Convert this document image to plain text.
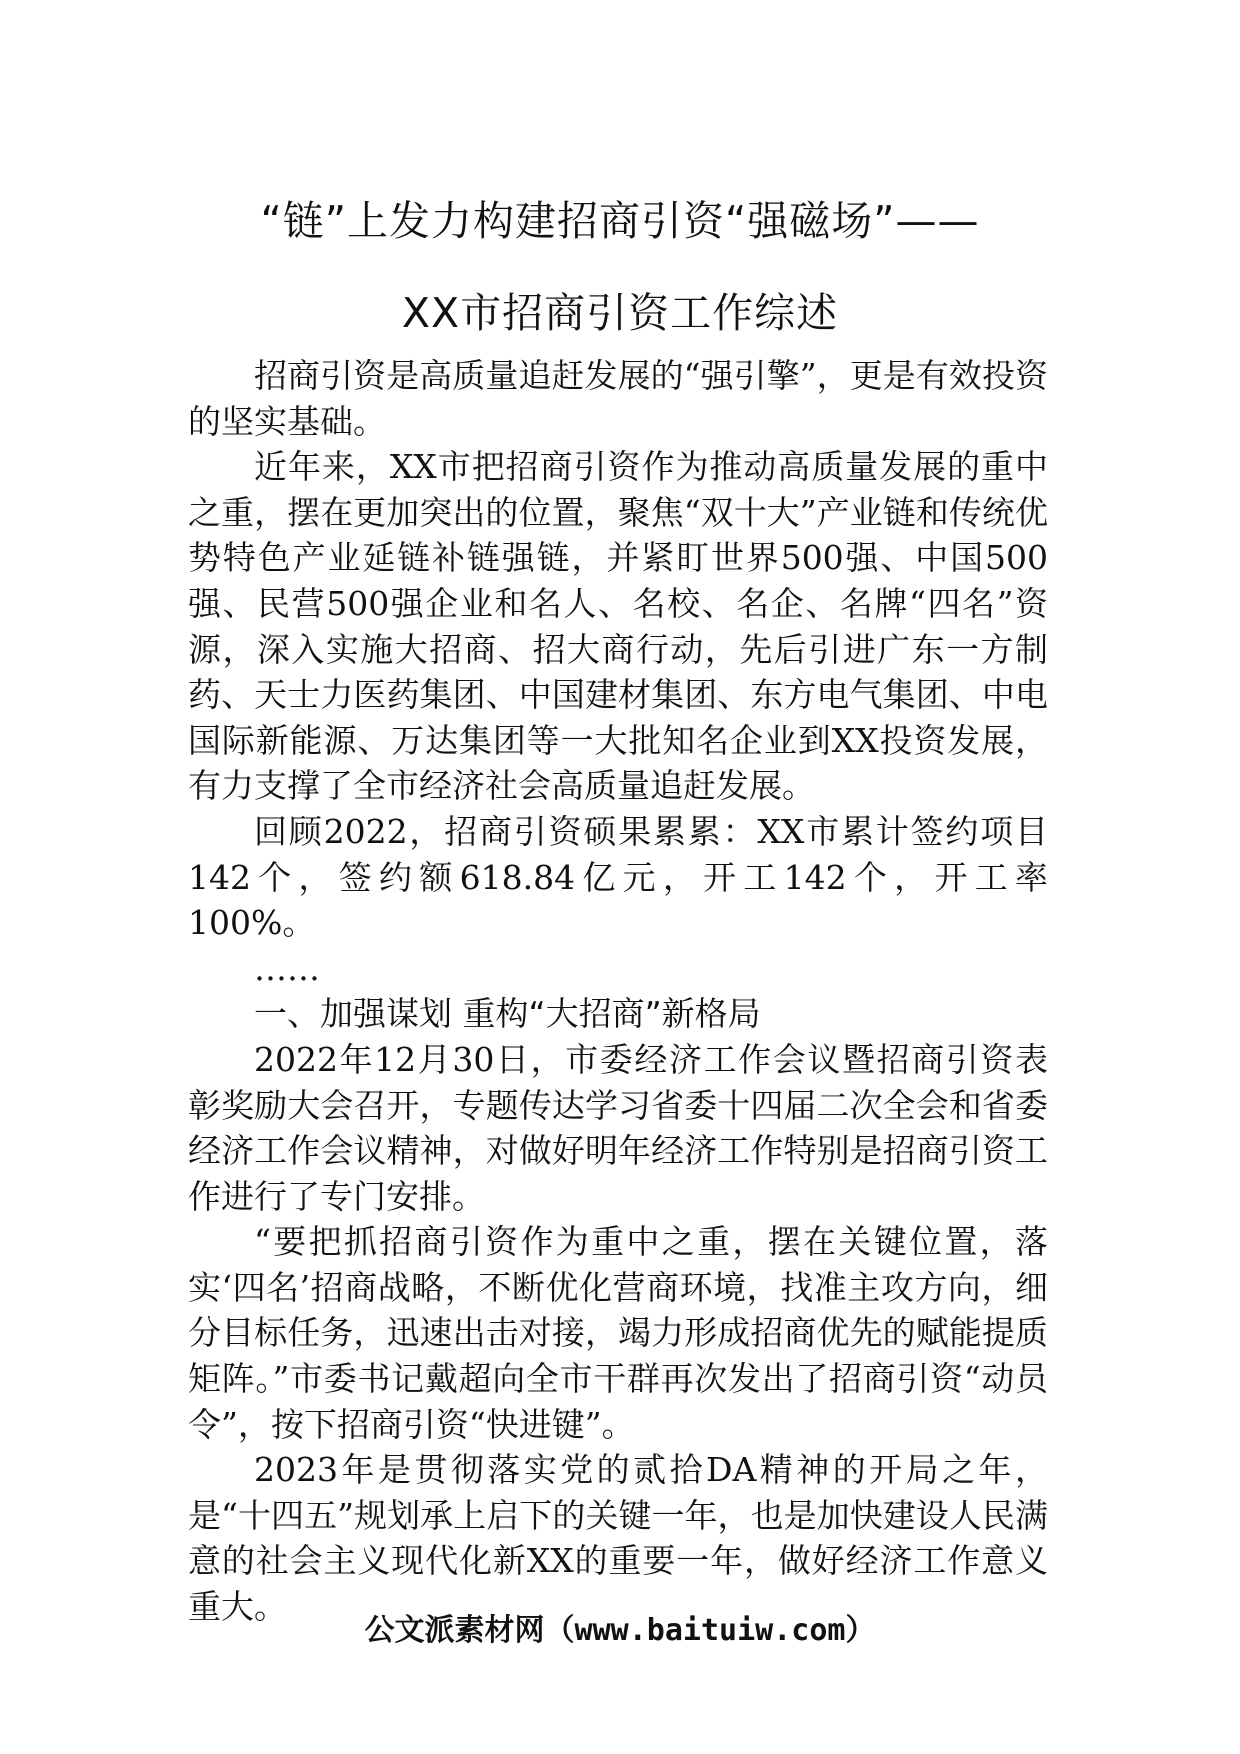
“链”上发力构建招商引资“强磁场”——
XX市招商引资工作综述

招商引资是高质量追赶发展的“强引擎”，更是有效投资的坚实基础。

近年来，XX市把招商引资作为推动高质量发展的重中之重，摆在更加突出的位置，聚焦“双十大”产业链和传统优势特色产业延链补链强链，并紧盯世界500强、中国500强、民营500强企业和名人、名校、名企、名牌“四名”资源，深入实施大招商、招大商行动，先后引进广东一方制药、天士力医药集团、中国建材集团、东方电气集团、中电国际新能源、万达集团等一大批知名企业到XX投资发展，有力支撑了全市经济社会高质量追赶发展。

回顾2022，招商引资硕果累累：XX市累计签约项目142个，签约额618.84亿元，开工142个，开工率100%。

……

一、加强谋划 重构“大招商”新格局

2022年12月30日，市委经济工作会议暨招商引资表彰奖励大会召开，专题传达学习省委十四届二次全会和省委经济工作会议精神，对做好明年经济工作特别是招商引资工作进行了专门安排。

“要把抓招商引资作为重中之重，摆在关键位置，落实‘四名’招商战略，不断优化营商环境，找准主攻方向，细分目标任务，迅速出击对接，竭力形成招商优先的赋能提质矩阵。”市委书记戴超向全市干群再次发出了招商引资“动员令”，按下招商引资“快进键”。

2023年是贯彻落实党的贰拾DA精神的开局之年，是“十四五”规划承上启下的关键一年，也是加快建设人民满意的社会主义现代化新XX的重要一年，做好经济工作意义重大。

公文派素材网（www.baituiw.com）
